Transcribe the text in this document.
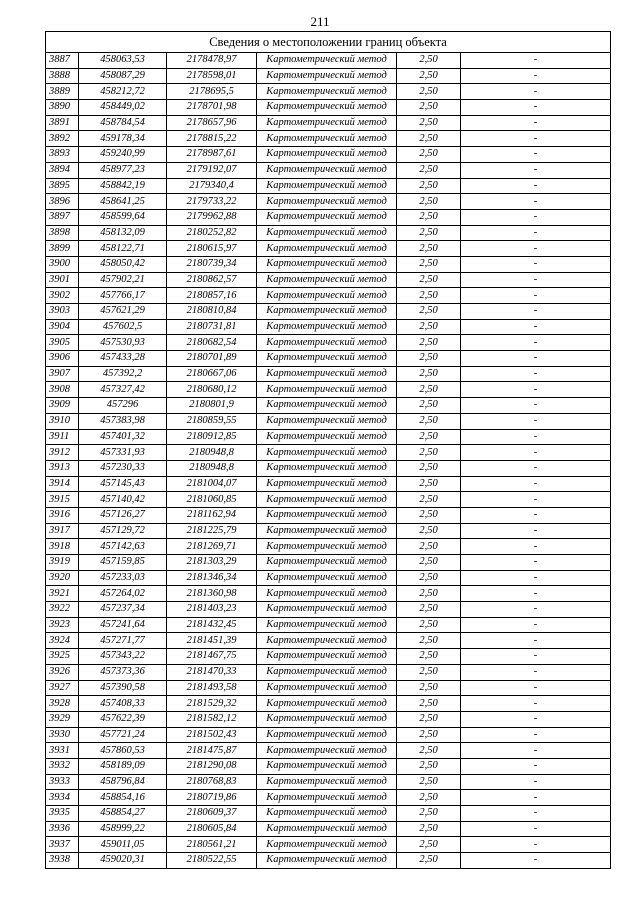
211
Сведения о местоположении границ объекта					
3887	458063,53	2178478,97	Картометрический метод	2,50	-
3888	458087,29	2178598,01	Картометрический метод	2,50	-
3889	458212,72	2178695,5	Картометрический метод	2,50	-
3890	458449,02	2178701,98	Картометрический метод	2,50	-
3891	458784,54	2178657,96	Картометрический метод	2,50	-
3892	459178,34	2178815,22	Картометрический метод	2,50	-
3893	459240,99	2178987,61	Картометрический метод	2,50	-
3894	458977,23	2179192,07	Картометрический метод	2,50	-
3895	458842,19	2179340,4	Картометрический метод	2,50	-
3896	458641,25	2179733,22	Картометрический метод	2,50	-
3897	458599,64	2179962,88	Картометрический метод	2,50	-
3898	458132,09	2180252,82	Картометрический метод	2,50	-
3899	458122,71	2180615,97	Картометрический метод	2,50	-
3900	458050,42	2180739,34	Картометрический метод	2,50	-
3901	457902,21	2180862,57	Картометрический метод	2,50	-
3902	457766,17	2180857,16	Картометрический метод	2,50	-
3903	457621,29	2180810,84	Картометрический метод	2,50	-
3904	457602,5	2180731,81	Картометрический метод	2,50	-
3905	457530,93	2180682,54	Картометрический метод	2,50	-
3906	457433,28	2180701,89	Картометрический метод	2,50	-
3907	457392,2	2180667,06	Картометрический метод	2,50	-
3908	457327,42	2180680,12	Картометрический метод	2,50	-
3909	457296	2180801,9	Картометрический метод	2,50	-
3910	457383,98	2180859,55	Картометрический метод	2,50	-
3911	457401,32	2180912,85	Картометрический метод	2,50	-
3912	457331,93	2180948,8	Картометрический метод	2,50	-
3913	457230,33	2180948,8	Картометрический метод	2,50	-
3914	457145,43	2181004,07	Картометрический метод	2,50	-
3915	457140,42	2181060,85	Картометрический метод	2,50	-
3916	457126,27	2181162,94	Картометрический метод	2,50	-
3917	457129,72	2181225,79	Картометрический метод	2,50	-
3918	457142,63	2181269,71	Картометрический метод	2,50	-
3919	457159,85	2181303,29	Картометрический метод	2,50	-
3920	457233,03	2181346,34	Картометрический метод	2,50	-
3921	457264,02	2181360,98	Картометрический метод	2,50	-
3922	457237,34	2181403,23	Картометрический метод	2,50	-
3923	457241,64	2181432,45	Картометрический метод	2,50	-
3924	457271,77	2181451,39	Картометрический метод	2,50	-
3925	457343,22	2181467,75	Картометрический метод	2,50	-
3926	457373,36	2181470,33	Картометрический метод	2,50	-
3927	457390,58	2181493,58	Картометрический метод	2,50	-
3928	457408,33	2181529,32	Картометрический метод	2,50	-
3929	457622,39	2181582,12	Картометрический метод	2,50	-
3930	457721,24	2181502,43	Картометрический метод	2,50	-
3931	457860,53	2181475,87	Картометрический метод	2,50	-
3932	458189,09	2181290,08	Картометрический метод	2,50	-
3933	458796,84	2180768,83	Картометрический метод	2,50	-
3934	458854,16	2180719,86	Картометрический метод	2,50	-
3935	458854,27	2180609,37	Картометрический метод	2,50	-
3936	458999,22	2180605,84	Картометрический метод	2,50	-
3937	459011,05	2180561,21	Картометрический метод	2,50	-
3938	459020,31	2180522,55	Картометрический метод	2,50	-
